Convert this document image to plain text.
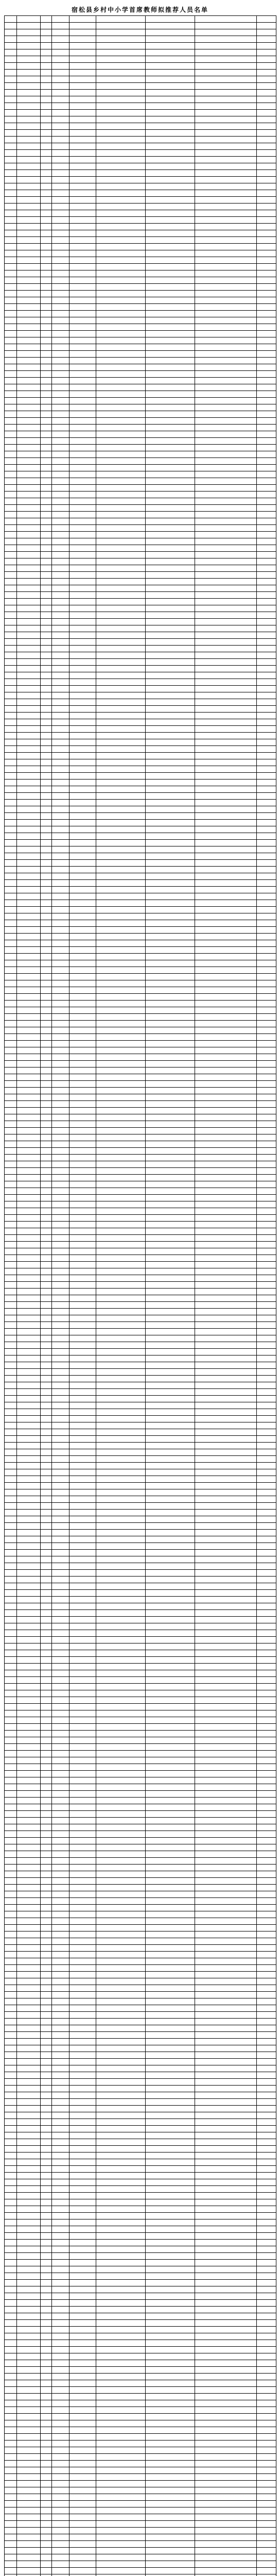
宿松县乡村中小学首席教师拟推荐人员名单
